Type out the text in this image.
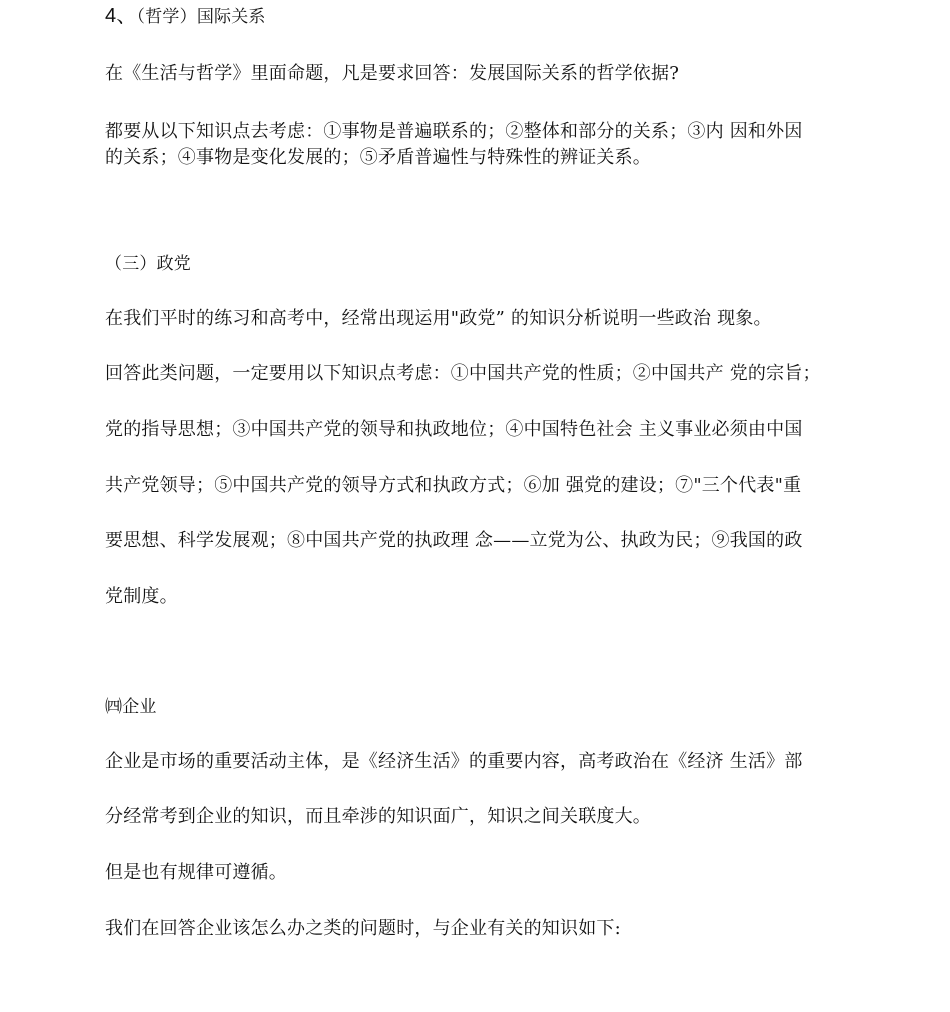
4、（哲学）国际关系
在《生活与哲学》里面命题，凡是要求回答：发展国际关系的哲学依据?
都要从以下知识点去考虑：①事物是普遍联系的；②整体和部分的关系；③内 因和外因
的关系；④事物是变化发展的；⑤矛盾普遍性与特殊性的辨证关系。
（三）政党
在我们平时的练习和高考中，经常出现运用"政党” 的知识分析说明一些政治 现象。
回答此类问题，一定要用以下知识点考虑：①中国共产党的性质；②中国共产 党的宗旨；
党的指导思想；③中国共产党的领导和执政地位；④中国特色社会 主义事业必须由中国
共产党领导；⑤中国共产党的领导方式和执政方式；⑥加 强党的建设；⑦"三个代表"重
要思想、科学发展观；⑧中国共产党的执政理 念——立党为公、执政为民；⑨我国的政
党制度。
㈣企业
企业是市场的重要活动主体，是《经济生活》的重要内容，高考政治在《经济 生活》部
分经常考到企业的知识，而且牵涉的知识面广，知识之间关联度大。
但是也有规律可遵循。
我们在回答企业该怎么办之类的问题时，与企业有关的知识如下:
